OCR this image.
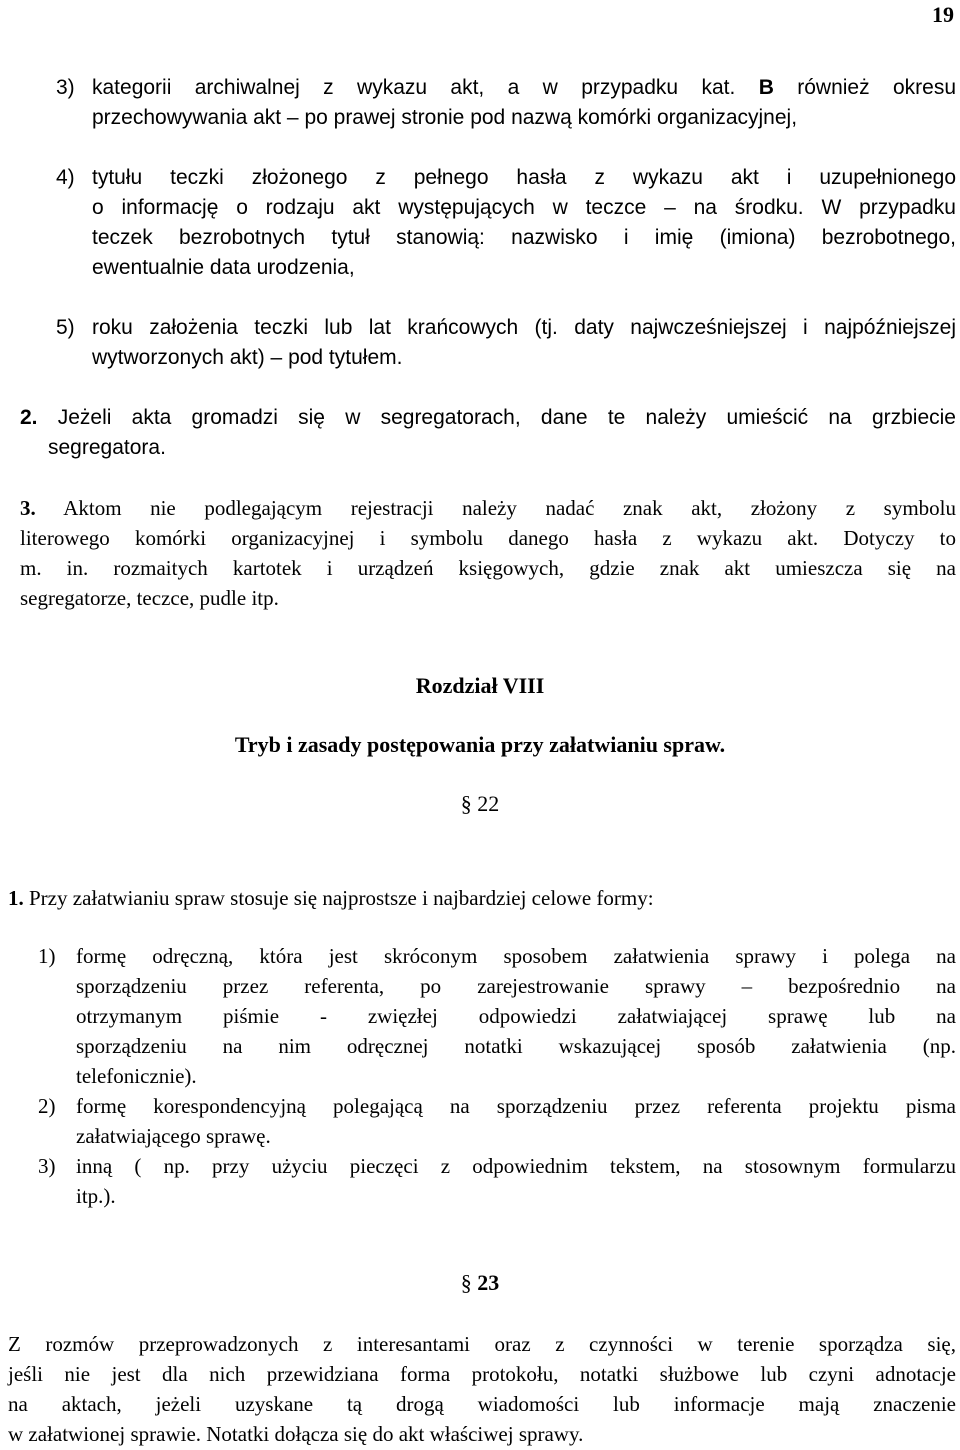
19
3) kategorii archiwalnej z wykazu akt, a w przypadku kat. B również okresu

przechowywania akt – po prawej stronie pod nazwą komórki organizacyjnej,

4) tytułu teczki złożonego z pełnego hasła z wykazu akt i uzupełnionego

o informację o rodzaju akt występujących w teczce – na środku. W przypadku

teczek bezrobotnych tytuł stanowią: nazwisko i imię (imiona) bezrobotnego,

ewentualnie data urodzenia,

5) roku założenia teczki lub lat krańcowych (tj. daty najwcześniejszej i najpóźniejszej

wytworzonych akt) – pod tytułem.

2. Jeżeli akta gromadzi się w segregatorach, dane te należy umieścić na grzbiecie

segregatora.

3. Aktom nie podlegającym rejestracji należy nadać znak akt, złożony z symbolu

literowego komórki organizacyjnej i symbolu danego hasła z wykazu akt. Dotyczy to

m. in. rozmaitych kartotek i urządzeń księgowych, gdzie znak akt umieszcza się na

segregatorze, teczce, pudle itp.

Rozdział VIII
Tryb i zasady postępowania przy załatwianiu spraw.
§ 22
1. Przy załatwianiu spraw stosuje się najprostsze i najbardziej celowe formy:
1) formę odręczną, która jest skróconym sposobem załatwienia sprawy i polega na

sporządzeniu przez referenta, po zarejestrowanie sprawy – bezpośrednio na

otrzymanym piśmie - zwięzłej odpowiedzi załatwiającej sprawę lub na

sporządzeniu na nim odręcznej notatki wskazującej sposób załatwienia (np.

telefonicznie).

2) formę korespondencyjną polegającą na sporządzeniu przez referenta projektu pisma

załatwiającego sprawę.

3) inną ( np. przy użyciu pieczęci z odpowiednim tekstem, na stosownym formularzu

itp.).

§ 23

Z rozmów przeprowadzonych z interesantami oraz z czynności w terenie sporządza się,

jeśli nie jest dla nich przewidziana forma protokołu, notatki służbowe lub czyni adnotacje

na aktach, jeżeli uzyskane tą drogą wiadomości lub informacje mają znaczenie

w załatwionej sprawie. Notatki dołącza się do akt właściwej sprawy.
